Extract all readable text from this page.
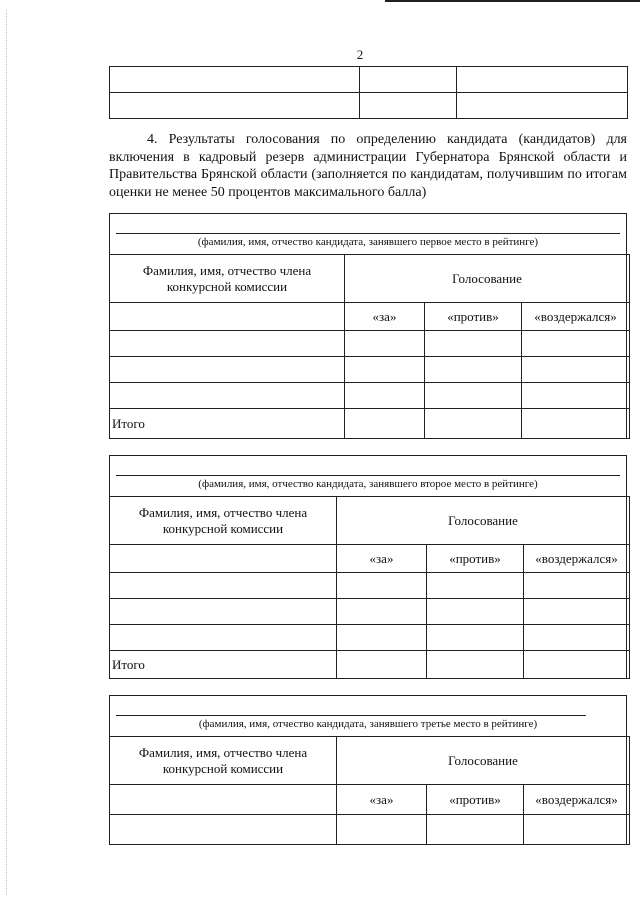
2

4. Результаты голосования по определению кандидата (кандидатов) для включения в кадровый резерв администрации Губернатора Брянской области и Правительства Брянской области (заполняется по кандидатам, получившим по итогам оценки не менее 50 процентов максимального балла)
(фамилия, имя, отчество кандидата, занявшего первое место в рейтинге)
Фамилия, имя, отчество члена конкурсной комиссии	Голосование		
	«за»	«против»	«воздержался»

Итого			
(фамилия, имя, отчество кандидата, занявшего второе место в рейтинге)
Фамилия, имя, отчество члена конкурсной комиссии	Голосование		
	«за»	«против»	«воздержался»

Итого			
(фамилия, имя, отчество кандидата, занявшего третье место в рейтинге)
Фамилия, имя, отчество члена конкурсной комиссии	Голосование		
	«за»	«против»	«воздержался»
